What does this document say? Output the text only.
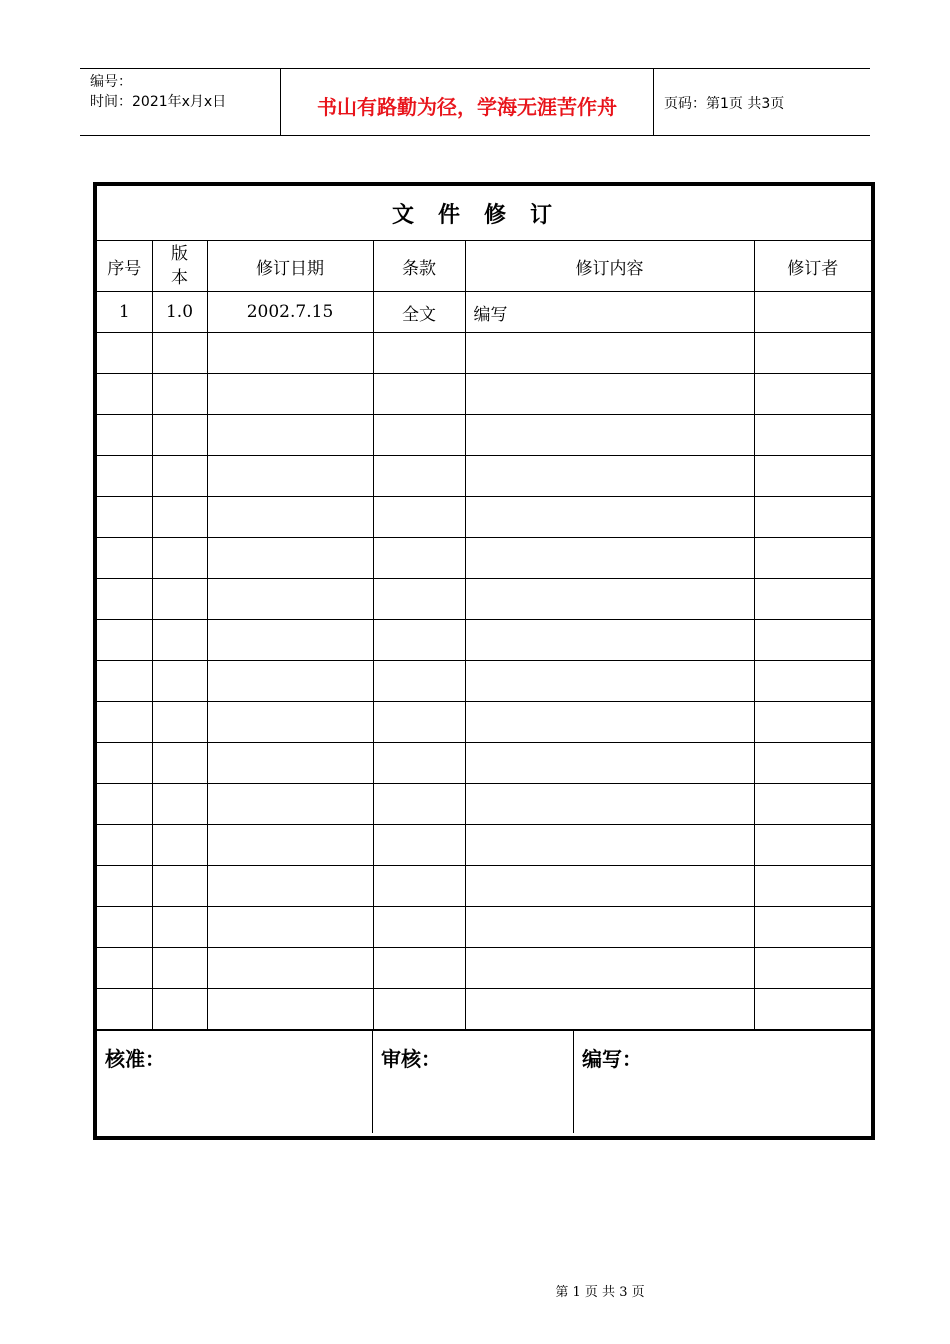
编号：
时间：2021年x月x日	书山有路勤为径，学海无涯苦作舟	页码：第1页 共3页
文件修订					
序号	版本	修订日期	条款	修订内容	修订者
1	1.0	2002.7.15	全文	编写	

核准：	审核：	编写：
第 1 页 共 3 页
